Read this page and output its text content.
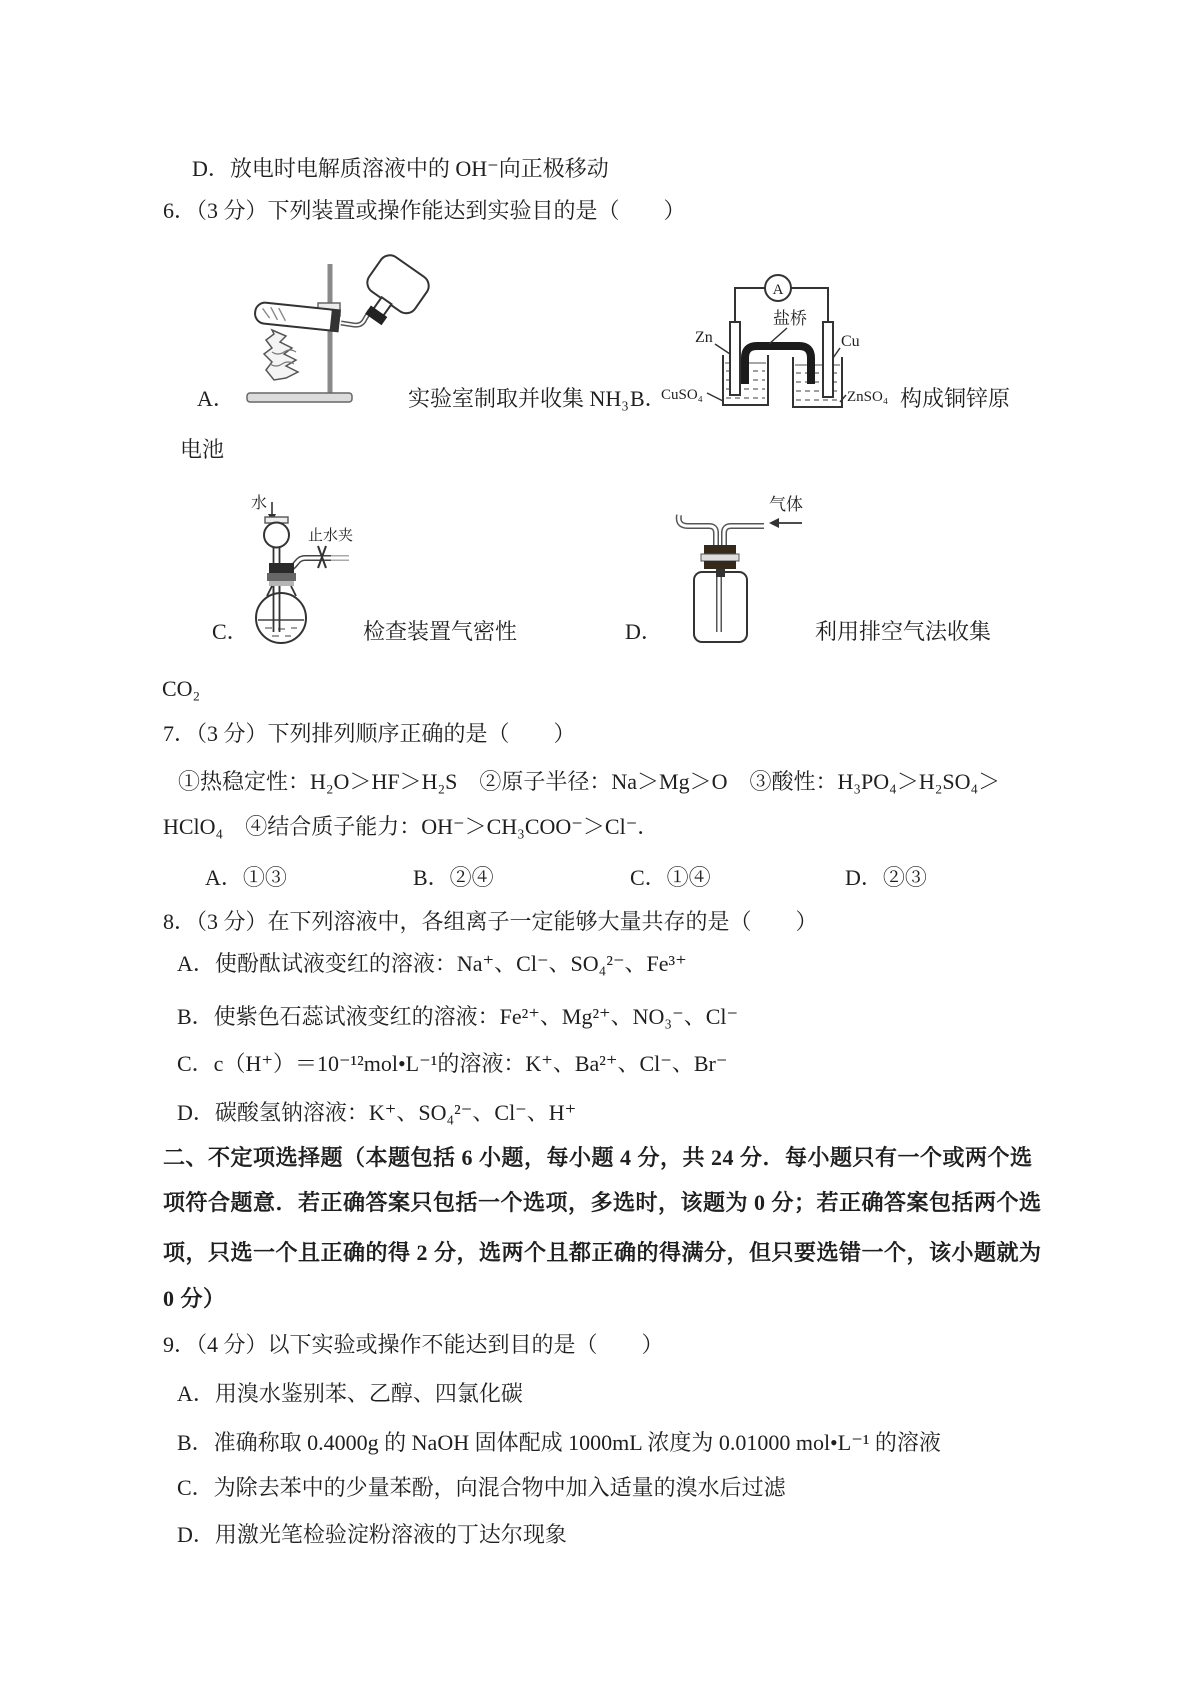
D．放电时电解质溶液中的 OH⁻向正极移动
6．（3 分）下列装置或操作能达到实验目的是（　　）
A
盐桥
Zn	Cu
CuSO₄	ZnSO₄
A．	实验室制取并收集 NH₃ B．	构成铜锌原
电池
水
止水夹
气体
C．	检查装置气密性	D．	利用排空气法收集
CO₂
7．（3 分）下列排列顺序正确的是（　　）
①热稳定性：H₂O＞HF＞H₂S　②原子半径：Na＞Mg＞O　③酸性：H₃PO₄＞H₂SO₄＞
HClO₄　④结合质子能力：OH⁻＞CH₃COO⁻＞Cl⁻．
A．①③	B．②④	C．①④	D．②③
8．（3 分）在下列溶液中，各组离子一定能够大量共存的是（　　）
A．使酚酞试液变红的溶液：Na⁺、Cl⁻、SO₄²⁻、Fe³⁺
B．使紫色石蕊试液变红的溶液：Fe²⁺、Mg²⁺、NO₃⁻、Cl⁻
C．c（H⁺）＝10⁻¹²mol•L⁻¹的溶液：K⁺、Ba²⁺、Cl⁻、Br⁻
D．碳酸氢钠溶液：K⁺、SO₄²⁻、Cl⁻、H⁺
二、不定项选择题（本题包括 6 小题，每小题 4 分，共 24 分．每小题只有一个或两个选
项符合题意．若正确答案只包括一个选项，多选时，该题为 0 分；若正确答案包括两个选
项，只选一个且正确的得 2 分，选两个且都正确的得满分，但只要选错一个，该小题就为
0 分）
9．（4 分）以下实验或操作不能达到目的是（　　）
A．用溴水鉴别苯、乙醇、四氯化碳
B．准确称取 0.4000g 的 NaOH 固体配成 1000mL 浓度为 0.01000 mol•L⁻¹ 的溶液
C．为除去苯中的少量苯酚，向混合物中加入适量的溴水后过滤
D．用激光笔检验淀粉溶液的丁达尔现象
